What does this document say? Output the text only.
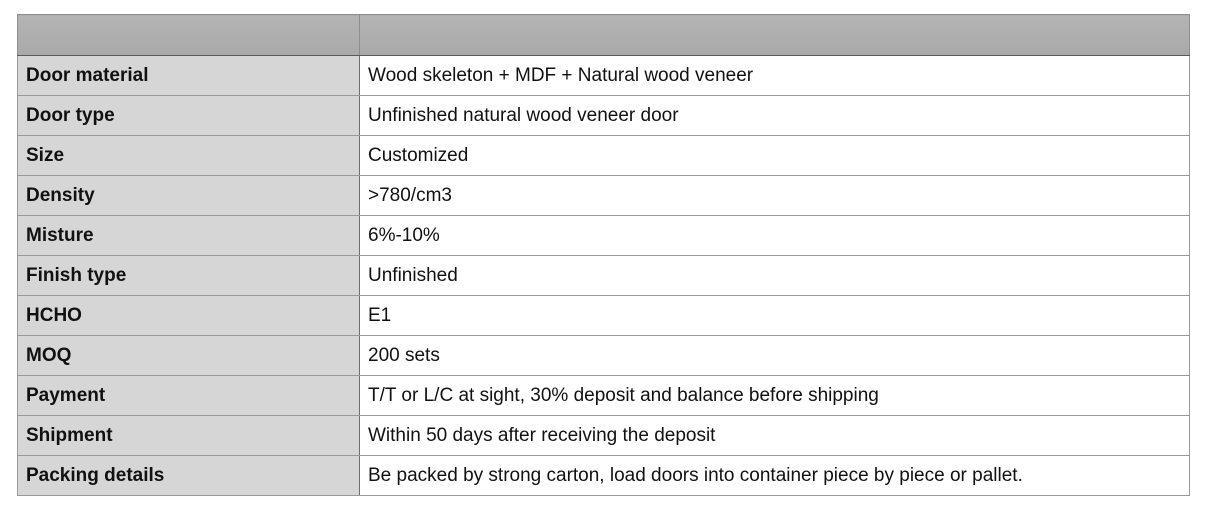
Door material	Wood skeleton + MDF + Natural wood veneer
Door type	Unfinished natural wood veneer door
Size	Customized
Density	>780/cm3
Misture	6%-10%
Finish type	Unfinished
HCHO	E1
MOQ	200 sets
Payment	T/T or L/C at sight, 30% deposit and balance before shipping
Shipment	Within 50 days after receiving the deposit
Packing details	Be packed by strong carton, load doors into container piece by piece or pallet.
